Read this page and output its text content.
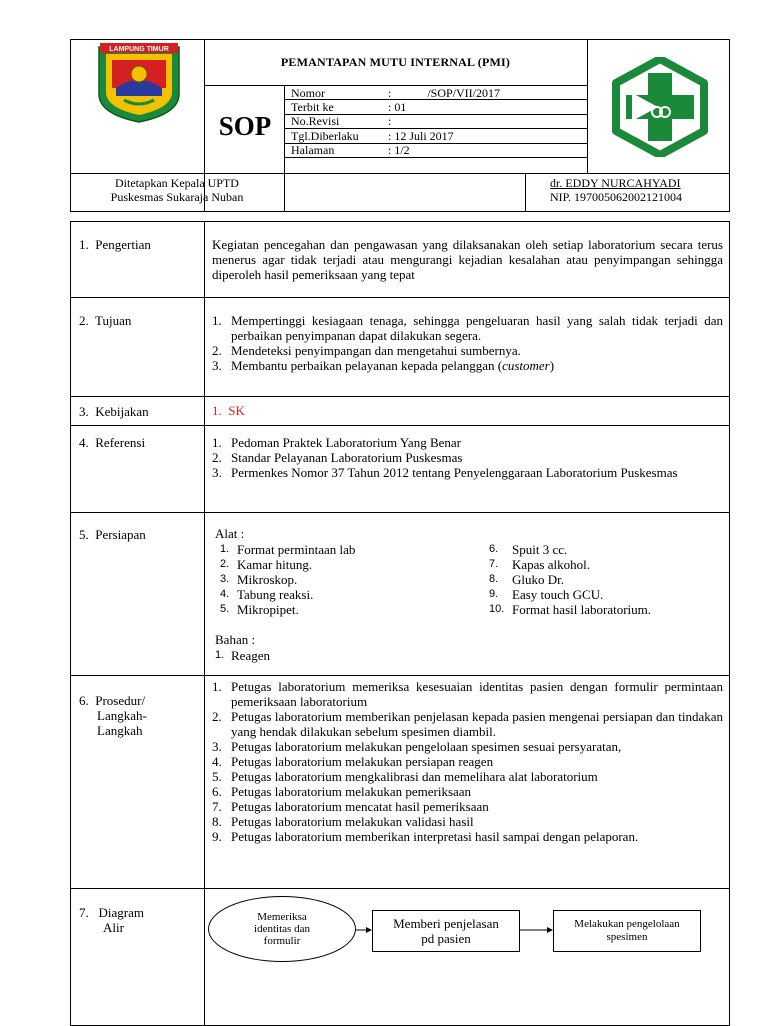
LAMPUNG TIMUR
PEMANTAPAN MUTU INTERNAL (PMI)
SOP
Nomor	:            /SOP/VII/2017
Terbit ke	: 01
No.Revisi	:
Tgl.Diberlaku : 12 Juli 2017
Halaman	: 1/2
Ditetapkan Kepala UPTD
Puskesmas Sukaraja Nuban
dr. EDDY NURCAHYADI
NIP. 197005062002121004
1.  Pengertian	Kegiatan pencegahan dan pengawasan yang dilaksanakan oleh setiap laboratorium secara terus menerus agar tidak terjadi atau mengurangi kejadian kesalahan atau penyimpangan sehingga diperoleh hasil pemeriksaan yang tepat
2.  Tujuan	1. Mempertinggi kesiagaan tenaga, sehingga pengeluaran hasil yang salah tidak terjadi dan perbaikan penyimpanan dapat dilakukan segera.
2. Mendeteksi penyimpangan dan mengetahui sumbernya.
3. Membantu perbaikan pelayanan kepada pelanggan (customer)
3.  Kebijakan	1.  SK
4.  Referensi	1. Pedoman Praktek Laboratorium Yang Benar
2. Standar Pelayanan Laboratorium Puskesmas
3. Permenkes Nomor 37 Tahun 2012 tentang Penyelenggaraan Laboratorium Puskesmas
5.  Persiapan	Alat :
1. Format permintaan lab
2. Kamar hitung.
3. Mikroskop.
4. Tabung reaksi.
5. Mikropipet.
6. Spuit 3 cc.
7. Kapas alkohol.
8. Gluko Dr.
9. Easy touch GCU.
10. Format hasil laboratorium.
Bahan :
1. Reagen
6.  Prosedur/
Langkah-
Langkah
1. Petugas laboratorium memeriksa kesesuaian identitas pasien dengan formulir permintaan pemeriksaan laboratorium
2. Petugas laboratorium memberikan penjelasan kepada pasien mengenai persiapan dan tindakan yang hendak dilakukan sebelum spesimen diambil.
3. Petugas laboratorium melakukan pengelolaan spesimen sesuai persyaratan,
4. Petugas laboratorium melakukan persiapan reagen
5. Petugas laboratorium mengkalibrasi dan memelihara alat laboratorium
6. Petugas laboratorium melakukan pemeriksaan
7. Petugas laboratorium mencatat hasil pemeriksaan
8. Petugas laboratorium melakukan validasi hasil
9. Petugas laboratorium memberikan interpretasi hasil sampai dengan pelaporan.
7.   Diagram
Alir
Memeriksa identitas dan formulir
Memberi penjelasan pd pasien
Melakukan pengelolaan spesimen
